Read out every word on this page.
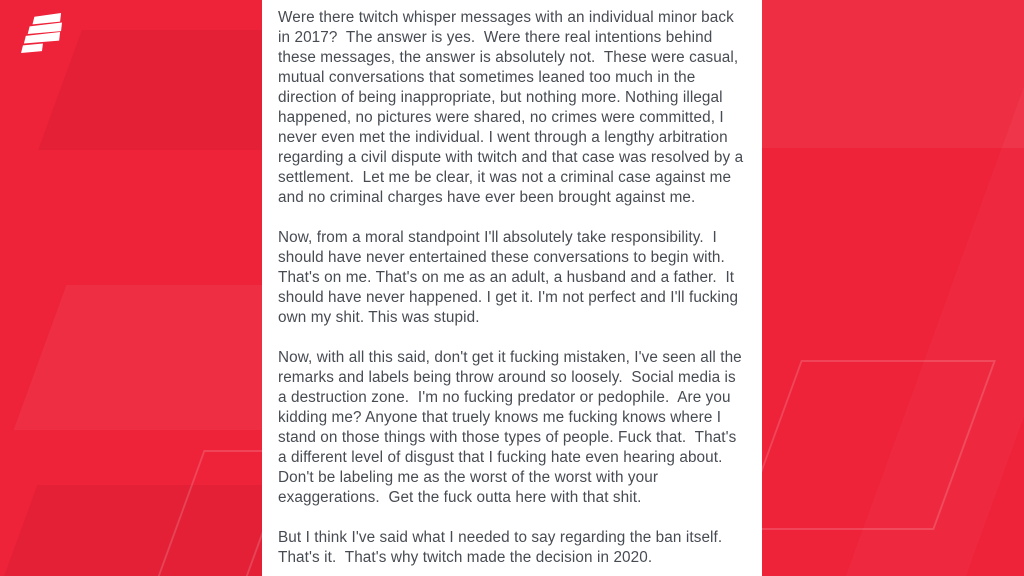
Were there twitch whisper messages with an individual minor back in 2017?  The answer is yes.  Were there real intentions behind these messages, the answer is absolutely not.  These were casual, mutual conversations that sometimes leaned too much in the direction of being inappropriate, but nothing more. Nothing illegal happened, no pictures were shared, no crimes were committed, I never even met the individual. I went through a lengthy arbitration regarding a civil dispute with twitch and that case was resolved by a settlement.  Let me be clear, it was not a criminal case against me and no criminal charges have ever been brought against me.

Now, from a moral standpoint I'll absolutely take responsibility.  I should have never entertained these conversations to begin with. That's on me. That's on me as an adult, a husband and a father.  It should have never happened. I get it. I'm not perfect and I'll fucking own my shit. This was stupid.

Now, with all this said, don't get it fucking mistaken, I've seen all the remarks and labels being throw around so loosely.  Social media is a destruction zone.  I'm no fucking predator or pedophile.  Are you kidding me? Anyone that truely knows me fucking knows where I stand on those things with those types of people. Fuck that.  That's a different level of disgust that I fucking hate even hearing about.  Don't be labeling me as the worst of the worst with your exaggerations.  Get the fuck outta here with that shit.

But I think I've said what I needed to say regarding the ban itself.  That's it.  That's why twitch made the decision in 2020.
